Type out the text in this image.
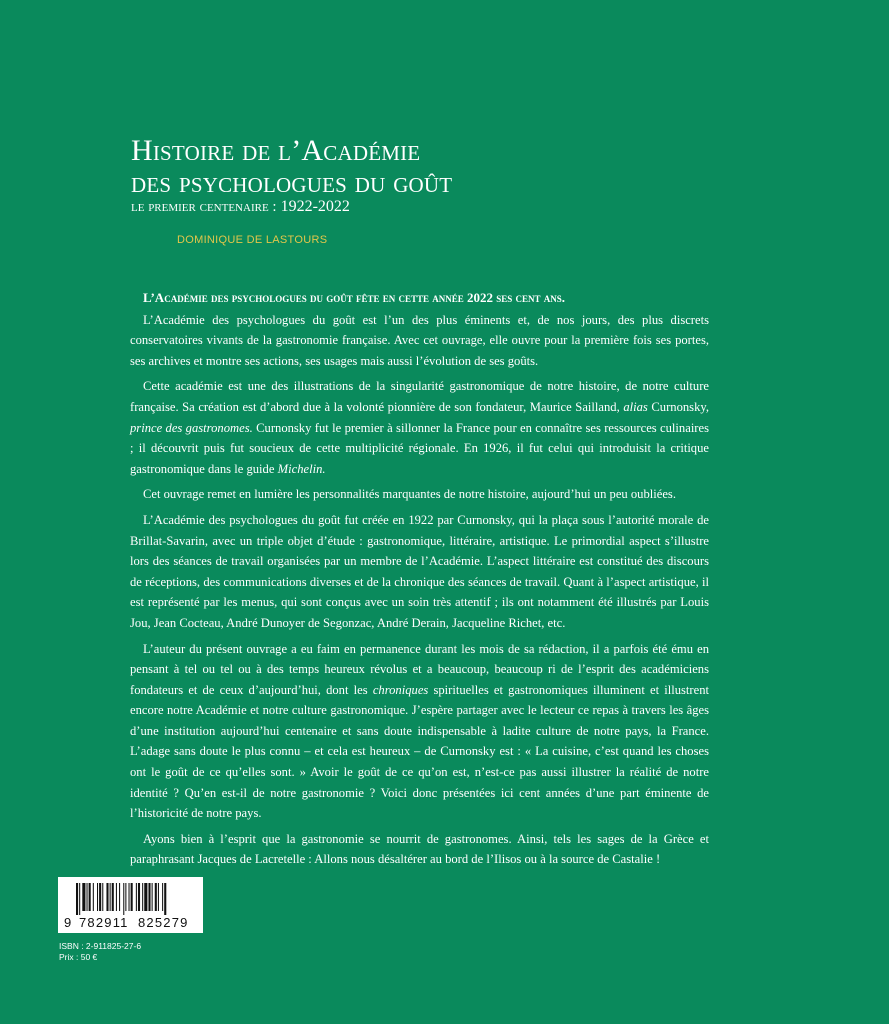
Histoire de l’Académie
des psychologues du goût
le premier centenaire : 1922-2022
DOMINIQUE DE LASTOURS

L’Académie des psychologues du goût fête en cette année 2022 ses cent ans.

L’Académie des psychologues du goût est l’un des plus éminents et, de nos jours, des plus discrets conservatoires vivants de la gastronomie française. Avec cet ouvrage, elle ouvre pour la première fois ses portes, ses archives et montre ses actions, ses usages mais aussi l’évolution de ses goûts.

Cette académie est une des illustrations de la singularité gastronomique de notre histoire, de notre culture française. Sa création est d’abord due à la volonté pionnière de son fondateur, Maurice Sailland, alias Curnonsky, prince des gastronomes. Curnonsky fut le premier à sillonner la France pour en connaître ses ressources culinaires ; il découvrit puis fut soucieux de cette multiplicité régionale. En 1926, il fut celui qui introduisit la critique gastronomique dans le guide Michelin.

Cet ouvrage remet en lumière les personnalités marquantes de notre histoire, aujourd’hui un peu oubliées.

L’Académie des psychologues du goût fut créée en 1922 par Curnonsky, qui la plaça sous l’autorité morale de Brillat-Savarin, avec un triple objet d’étude : gastronomique, littéraire, artistique. Le primordial aspect s’illustre lors des séances de travail organisées par un membre de l’Académie. L’aspect littéraire est constitué des discours de réceptions, des communications diverses et de la chronique des séances de travail. Quant à l’aspect artistique, il est représenté par les menus, qui sont conçus avec un soin très attentif ; ils ont notamment été illustrés par Louis Jou, Jean Cocteau, André Dunoyer de Segonzac, André Derain, Jacqueline Richet, etc.

L’auteur du présent ouvrage a eu faim en permanence durant les mois de sa rédaction, il a parfois été ému en pensant à tel ou tel ou à des temps heureux révolus et a beaucoup, beaucoup ri de l’esprit des académiciens fondateurs et de ceux d’aujourd’hui, dont les chroniques spirituelles et gastronomiques illuminent et illustrent encore notre Académie et notre culture gastronomique. J’espère partager avec le lecteur ce repas à travers les âges d’une institution aujourd’hui centenaire et sans doute indispensable à ladite culture de notre pays, la France. L’adage sans doute le plus connu – et cela est heureux – de Curnonsky est : « La cuisine, c’est quand les choses ont le goût de ce qu’elles sont. » Avoir le goût de ce qu’on est, n’est-ce pas aussi illustrer la réalité de notre identité ? Qu’en est-il de notre gastronomie ? Voici donc présentées ici cent années d’une part éminente de l’historicité de notre pays.

Ayons bien à l’esprit que la gastronomie se nourrit de gastronomes. Ainsi, tels les sages de la Grèce et paraphrasant Jacques de Lacretelle : Allons nous désaltérer au bord de l’Ilisos ou à la source de Castalie !

9 782911 825279
ISBN : 2-911825-27-6
Prix : 50 €
